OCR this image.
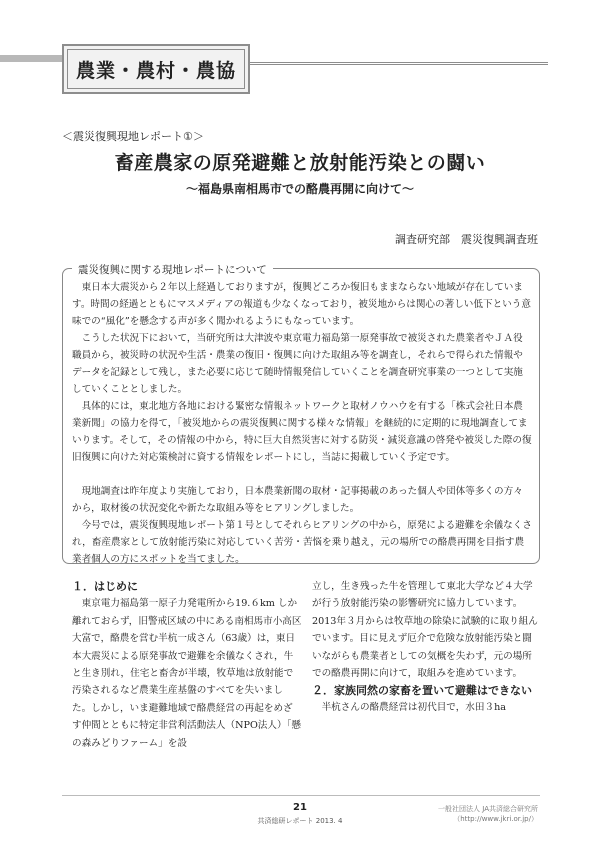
農業・農村・農協
＜震災復興現地レポート①＞
畜産農家の原発避難と放射能汚染との闘い
〜福島県南相馬市での酪農再開に向けて〜
調査研究部　震災復興調査班
震災復興に関する現地レポートについて

東日本大震災から２年以上経過しておりますが，復興どころか復旧もままならない地域が存在しています。時間の経過とともにマスメディアの報道も少なくなっており，被災地からは関心の著しい低下という意味での“風化”を懸念する声が多く聞かれるようにもなっています。

こうした状況下において，当研究所は大津波や東京電力福島第一原発事故で被災された農業者やＪＡ役職員から，被災時の状況や生活・農業の復旧・復興に向けた取組み等を調査し，それらで得られた情報やデータを記録として残し，また必要に応じて随時情報発信していくことを調査研究事業の一つとして実施していくこととしました。

具体的には，東北地方各地における緊密な情報ネットワークと取材ノウハウを有する「株式会社日本農業新聞」の協力を得て，「被災地からの震災復興に関する様々な情報」を継続的に定期的に現地調査してまいります。そして，その情報の中から，特に巨大自然災害に対する防災・減災意識の啓発や被災した際の復旧復興に向けた対応策検討に資する情報をレポートにし，当誌に掲載していく予定です。

現地調査は昨年度より実施しており，日本農業新聞の取材・記事掲載のあった個人や団体等多くの方々から，取材後の状況変化や新たな取組み等をヒアリングしました。

今号では，震災復興現地レポート第１号としてそれらヒアリングの中から，原発による避難を余儀なくされ，畜産農家として放射能汚染に対応していく苦労・苦悩を乗り越え，元の場所での酪農再開を目指す農業者個人の方にスポットを当てました。

１．はじめに

東京電力福島第一原子力発電所から19.６km しか離れておらず，旧警戒区域の中にある南相馬市小高区大富で，酪農を営む半杭一成さん（63歳）は，東日本大震災による原発事故で避難を余儀なくされ，牛と生き別れ，住宅と畜舎が半壊，牧草地は放射能で汚染されるなど農業生産基盤のすべてを失いました。しかし，いま避難地域で酪農経営の再起をめざす仲間とともに特定非営利活動法人（NPO法人）「懸の森みどりファーム」を設

立し，生き残った牛を管理して東北大学など４大学が行う放射能汚染の影響研究に協力しています。2013年３月からは牧草地の除染に試験的に取り組んでいます。目に見えず厄介で危険な放射能汚染と闘いながらも農業者としての気概を失わず，元の場所での酪農再開に向けて，取組みを進めています。

２．家族同然の家畜を置いて避難はできない

半杭さんの酪農経営は初代目で，水田３ha

21
共済総研レポート 2013. 4
一般社団法人 JA共済総合研究所
（http://www.jkri.or.jp/）
